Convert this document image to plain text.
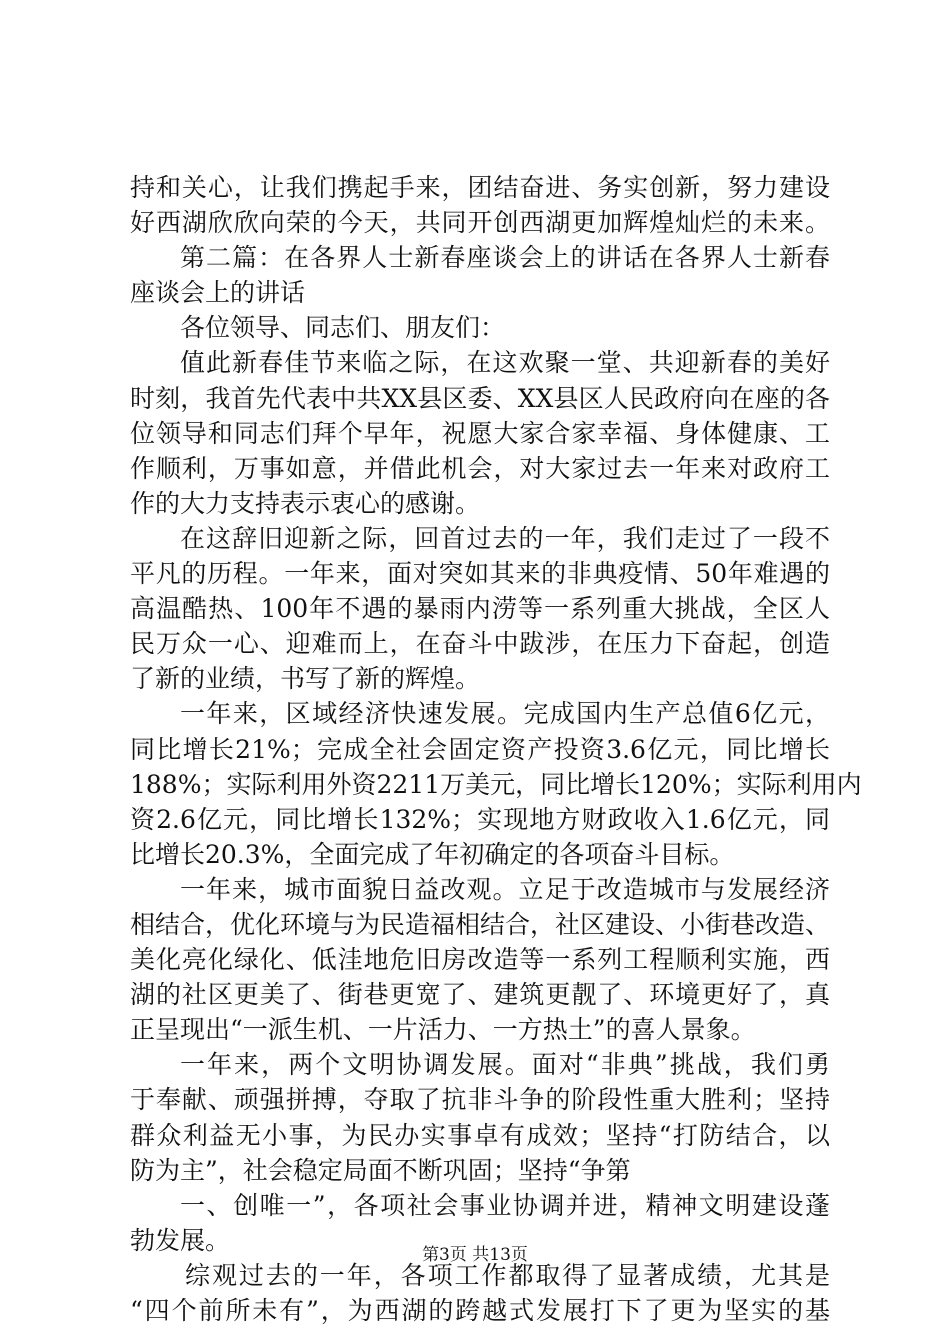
持和关心，让我们携起手来，团结奋进、务实创新，努力建设
好西湖欣欣向荣的今天，共同开创西湖更加辉煌灿烂的未来。
第二篇：在各界人士新春座谈会上的讲话在各界人士新春
座谈会上的讲话
各位领导、同志们、朋友们：
值此新春佳节来临之际，在这欢聚一堂、共迎新春的美好
时刻，我首先代表中共XX县区委、XX县区人民政府向在座的各
位领导和同志们拜个早年，祝愿大家合家幸福、身体健康、工
作顺利，万事如意，并借此机会，对大家过去一年来对政府工
作的大力支持表示衷心的感谢。
在这辞旧迎新之际，回首过去的一年，我们走过了一段不
平凡的历程。一年来，面对突如其来的非典疫情、50年难遇的
高温酷热、100年不遇的暴雨内涝等一系列重大挑战，全区人
民万众一心、迎难而上，在奋斗中跋涉，在压力下奋起，创造
了新的业绩，书写了新的辉煌。
一年来，区域经济快速发展。完成国内生产总值6亿元，
同比增长21%；完成全社会固定资产投资3.6亿元，同比增长
188%；实际利用外资2211万美元，同比增长120%；实际利用内
资2.6亿元，同比增长132%；实现地方财政收入1.6亿元，同
比增长20.3%，全面完成了年初确定的各项奋斗目标。
一年来，城市面貌日益改观。立足于改造城市与发展经济
相结合，优化环境与为民造福相结合，社区建设、小街巷改造、
美化亮化绿化、低洼地危旧房改造等一系列工程顺利实施，西
湖的社区更美了、街巷更宽了、建筑更靓了、环境更好了，真
正呈现出“一派生机、一片活力、一方热土”的喜人景象。
一年来，两个文明协调发展。面对“非典”挑战，我们勇
于奉献、顽强拼搏，夺取了抗非斗争的阶段性重大胜利；坚持
群众利益无小事，为民办实事卓有成效；坚持“打防结合，以
防为主”，社会稳定局面不断巩固；坚持“争第
一、创唯一”，各项社会事业协调并进，精神文明建设蓬
勃发展。
综观过去的一年，各项工作都取得了显著成绩，尤其是
“四个前所未有”，为西湖的跨越式发展打下了更为坚实的基
第3页 共13页
